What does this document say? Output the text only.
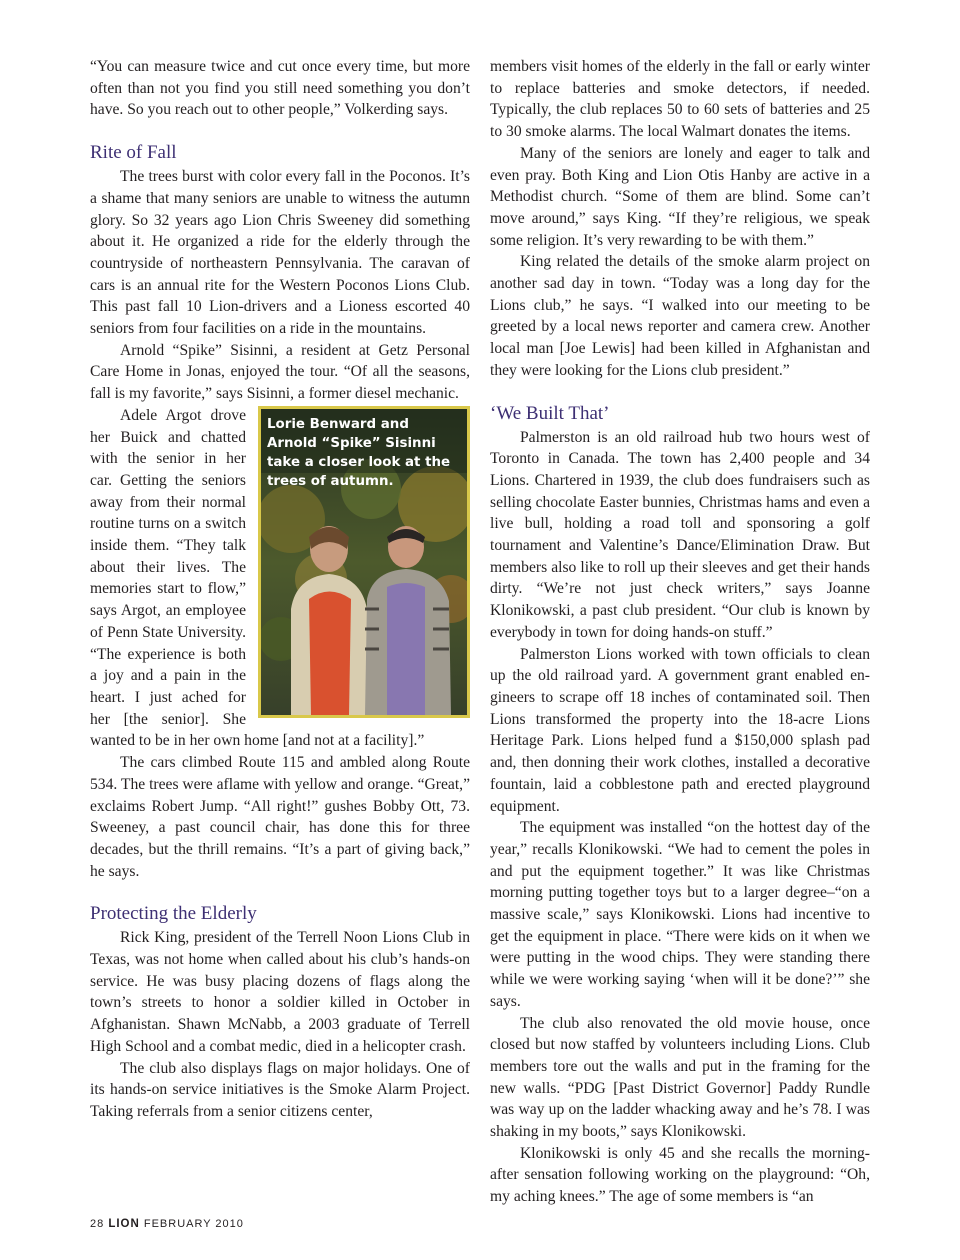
“You can measure twice and cut once every time, but more often than not you find you still need something you don’t have. So you reach out to other people,” Volkerding says.

Rite of Fall

The trees burst with color every fall in the Poconos. It’s a shame that many seniors are unable to witness the autumn glory. So 32 years ago Lion Chris Sweeney did something about it. He organized a ride for the elderly through the countryside of northeastern Pennsylvania. The caravan of cars is an annual rite for the Western Poconos Lions Club. This past fall 10 Lion-drivers and a Lioness escorted 40 seniors from four facilities on a ride in the mountains.

Arnold “Spike” Sisinni, a resident at Getz Personal Care Home in Jonas, enjoyed the tour. “Of all the seasons, fall is my favorite,” says Sisinni, a former diesel mechanic.

Lorie Benward and Arnold “Spike” Sisinni take a closer look at the trees of autumn.
Adele Argot drove her Buick and chatted with the senior in her car. Getting the seniors away from their normal routine turns on a switch inside them. “They talk about their lives. The memories start to flow,” says Argot, an employee of Penn State University. “The experience is both a joy and a pain in the heart. I just ached for her [the senior]. She wanted to be in her own home [and not at a facility].”

The cars climbed Route 115 and ambled along Route 534. The trees were aflame with yellow and orange. “Great,” exclaims Robert Jump. “All right!” gushes Bobby Ott, 73. Sweeney, a past council chair, has done this for three decades, but the thrill remains. “It’s a part of giving back,” he says.

Protecting the Elderly

Rick King, president of the Terrell Noon Lions Club in Texas, was not home when called about his club’s hands-on service. He was busy placing dozens of flags along the town’s streets to honor a soldier killed in October in Afghanistan. Shawn McNabb, a 2003 graduate of Terrell High School and a combat medic, died in a helicopter crash.

The club also displays flags on major holidays. One of its hands-on service initiatives is the Smoke Alarm Project. Taking referrals from a senior citizens center,

members visit homes of the elderly in the fall or early winter to replace batteries and smoke detectors, if needed. Typically, the club replaces 50 to 60 sets of batteries and 25 to 30 smoke alarms. The local Walmart donates the items.

Many of the seniors are lonely and eager to talk and even pray. Both King and Lion Otis Hanby are active in a Methodist church. “Some of them are blind. Some can’t move around,” says King. “If they’re religious, we speak some religion. It’s very rewarding to be with them.”

King related the details of the smoke alarm project on another sad day in town. “Today was a long day for the Lions club,” he says. “I walked into our meeting to be greeted by a local news reporter and camera crew. Another local man [Joe Lewis] had been killed in Afghanistan and they were looking for the Lions club president.”

‘We Built That’

Palmerston is an old railroad hub two hours west of Toronto in Canada. The town has 2,400 people and 34 Lions. Chartered in 1939, the club does fundraisers such as selling chocolate Easter bunnies, Christmas hams and even a live bull, holding a road toll and sponsoring a golf tournament and Valentine’s Dance/Elimination Draw. But members also like to roll up their sleeves and get their hands dirty. “We’re not just check writers,” says Joanne Klonikowski, a past club president. “Our club is known by everybody in town for doing hands-on stuff.”

Palmerston Lions worked with town officials to clean up the old railroad yard. A government grant enabled engineers to scrape off 18 inches of contaminated soil. Then Lions transformed the property into the 18-acre Lions Heritage Park. Lions helped fund a $150,000 splash pad and, then donning their work clothes, installed a decorative fountain, laid a cobblestone path and erected playground equipment.

The equipment was installed “on the hottest day of the year,” recalls Klonikowski. “We had to cement the poles in and put the equipment together.” It was like Christmas morning putting together toys but to a larger degree–“on a massive scale,” says Klonikowski. Lions had incentive to get the equipment in place. “There were kids on it when we were putting in the wood chips. They were standing there while we were working saying ‘when will it be done?’” she says.

The club also renovated the old movie house, once closed but now staffed by volunteers including Lions. Club members tore out the walls and put in the framing for the new walls. “PDG [Past District Governor] Paddy Rundle was way up on the ladder whacking away and he’s 78. I was shaking in my boots,” says Klonikowski.

Klonikowski is only 45 and she recalls the morning-after sensation following working on the playground: “Oh, my aching knees.” The age of some members is “an

28 LION FEBRUARY 2010
